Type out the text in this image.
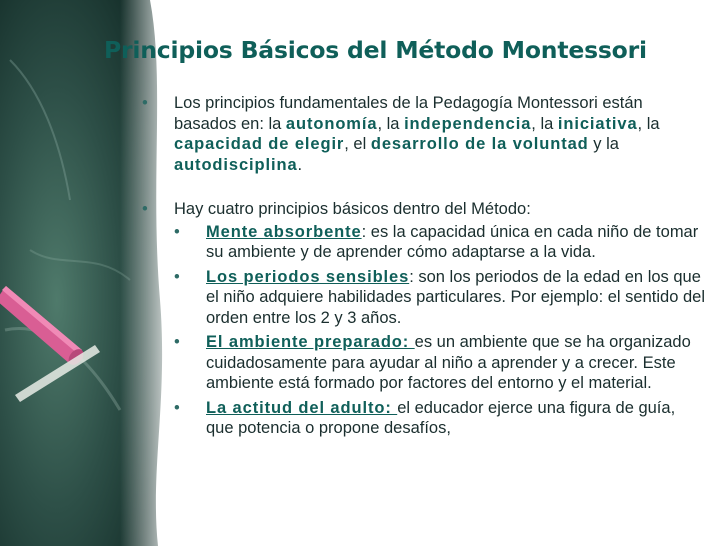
Principios Básicos del Método Montessori
• Los principios fundamentales de la Pedagogía Montessori están basados en: la autonomía, la independencia, la iniciativa, la capacidad de elegir, el desarrollo de la voluntad y la autodisciplina.
• Hay cuatro principios básicos dentro del Método:
• Mente absorbente: es la capacidad única en cada niño de tomar su ambiente y de aprender cómo adaptarse a la vida.
• Los periodos sensibles: son los periodos de la edad en los que el niño adquiere habilidades particulares. Por ejemplo: el sentido del orden entre los 2 y 3 años.
• El ambiente preparado: es un ambiente que se ha organizado cuidadosamente para ayudar al niño a aprender y a crecer. Este ambiente está formado por factores del entorno y el material.
• La actitud del adulto: el educador ejerce una figura de guía, que potencia o propone desafíos,
